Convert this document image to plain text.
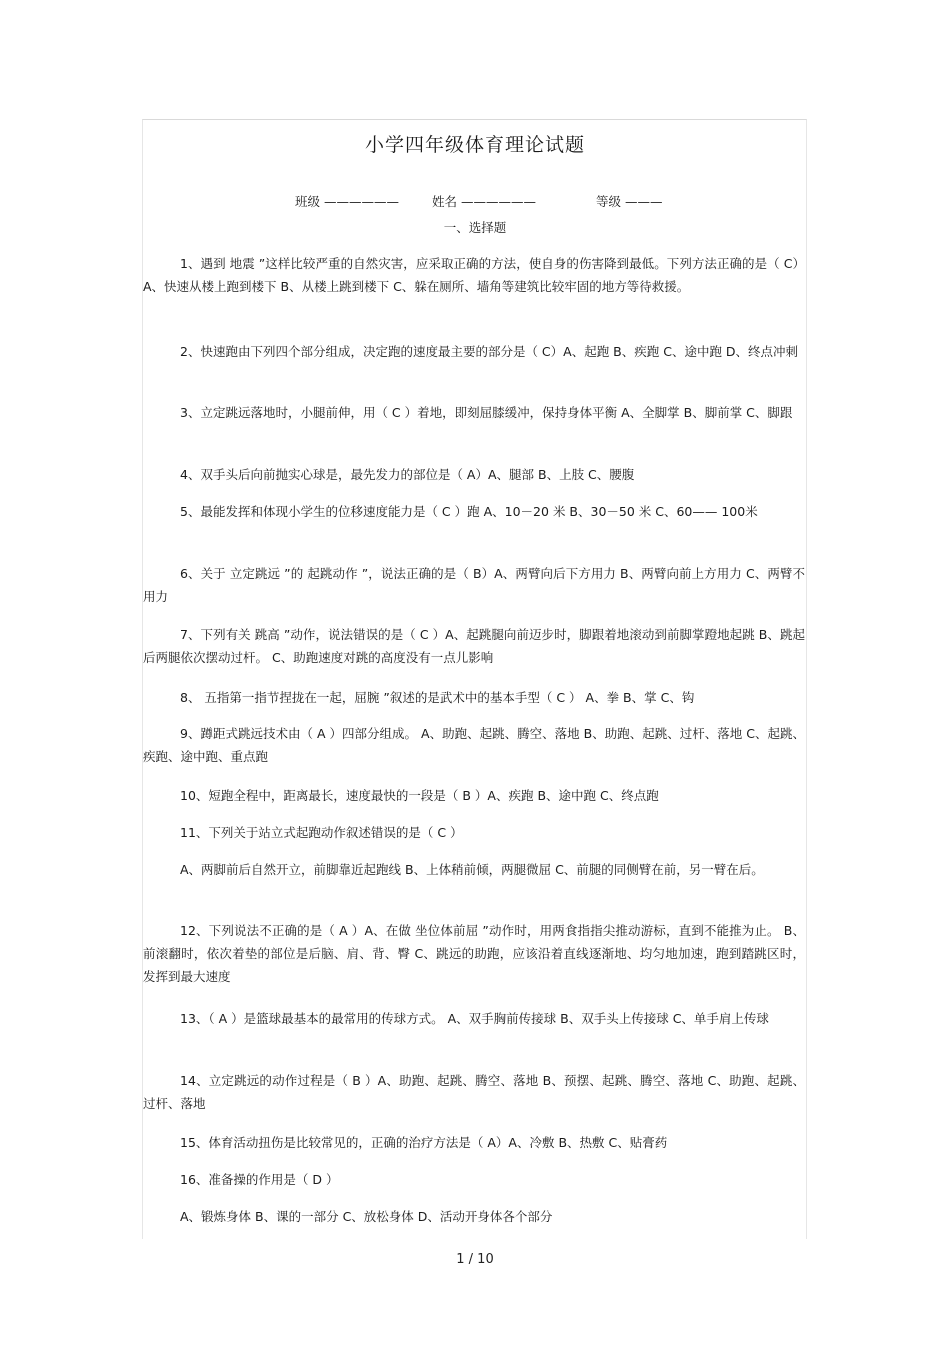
小学四年级体育理论试题
班级 ——————	姓名 ——————	等级 ———
一、选择题

1、遇到 地震 ”这样比较严重的自然灾害，应采取正确的方法，使自身的伤害降到最低。下列方法正确的是（ C）A、快速从楼上跑到楼下 B、从楼上跳到楼下 C、躲在厕所、墙角等建筑比较牢固的地方等待救援。

2、快速跑由下列四个部分组成，决定跑的速度最主要的部分是（ C）A、起跑 B、疾跑 C、途中跑 D、终点冲刺

3、立定跳远落地时，小腿前伸，用（ C ）着地，即刻屈膝缓冲，保持身体平衡 A、全脚掌 B、脚前掌 C、脚跟

4、双手头后向前抛实心球是，最先发力的部位是（ A）A、腿部 B、上肢 C、腰腹

5、最能发挥和体现小学生的位移速度能力是（ C ）跑 A、10－20 米 B、30－50 米 C、60—— 100米

6、关于 立定跳远 ”的 起跳动作 ”，说法正确的是（ B）A、两臂向后下方用力 B、两臂向前上方用力 C、两臂不用力

7、下列有关 跳高 ”动作，说法错误的是（ C ）A、起跳腿向前迈步时，脚跟着地滚动到前脚掌蹬地起跳 B、跳起后两腿依次摆动过杆。 C、助跑速度对跳的高度没有一点儿影响

8、 五指第一指节捏拢在一起，屈腕 ”叙述的是武术中的基本手型（ C ） A、拳 B、掌 C、钩

9、蹲距式跳远技术由（ A ）四部分组成。 A、助跑、起跳、腾空、落地 B、助跑、起跳、过杆、落地 C、起跳、疾跑、途中跑、重点跑

10、短跑全程中，距离最长，速度最快的一段是（ B ）A、疾跑 B、途中跑 C、终点跑

11、下列关于站立式起跑动作叙述错误的是（ C ）

A、两脚前后自然开立，前脚靠近起跑线 B、上体稍前倾，两腿微屈 C、前腿的同侧臂在前，另一臂在后。

12、下列说法不正确的是（ A ）A、在做 坐位体前屈 ”动作时，用两食指指尖推动游标，直到不能推为止。 B、前滚翻时，依次着垫的部位是后脑、肩、背、臀 C、跳远的助跑，应该沿着直线逐渐地、均匀地加速，跑到踏跳区时，发挥到最大速度

13、（ A ）是篮球最基本的最常用的传球方式。 A、双手胸前传接球 B、双手头上传接球 C、单手肩上传球

14、立定跳远的动作过程是（ B ）A、助跑、起跳、腾空、落地 B、预摆、起跳、腾空、落地 C、助跑、起跳、过杆、落地

15、体育活动扭伤是比较常见的，正确的治疗方法是（ A）A、冷敷 B、热敷 C、贴膏药

16、准备操的作用是（ D ）

A、锻炼身体 B、课的一部分 C、放松身体 D、活动开身体各个部分

1 / 10
